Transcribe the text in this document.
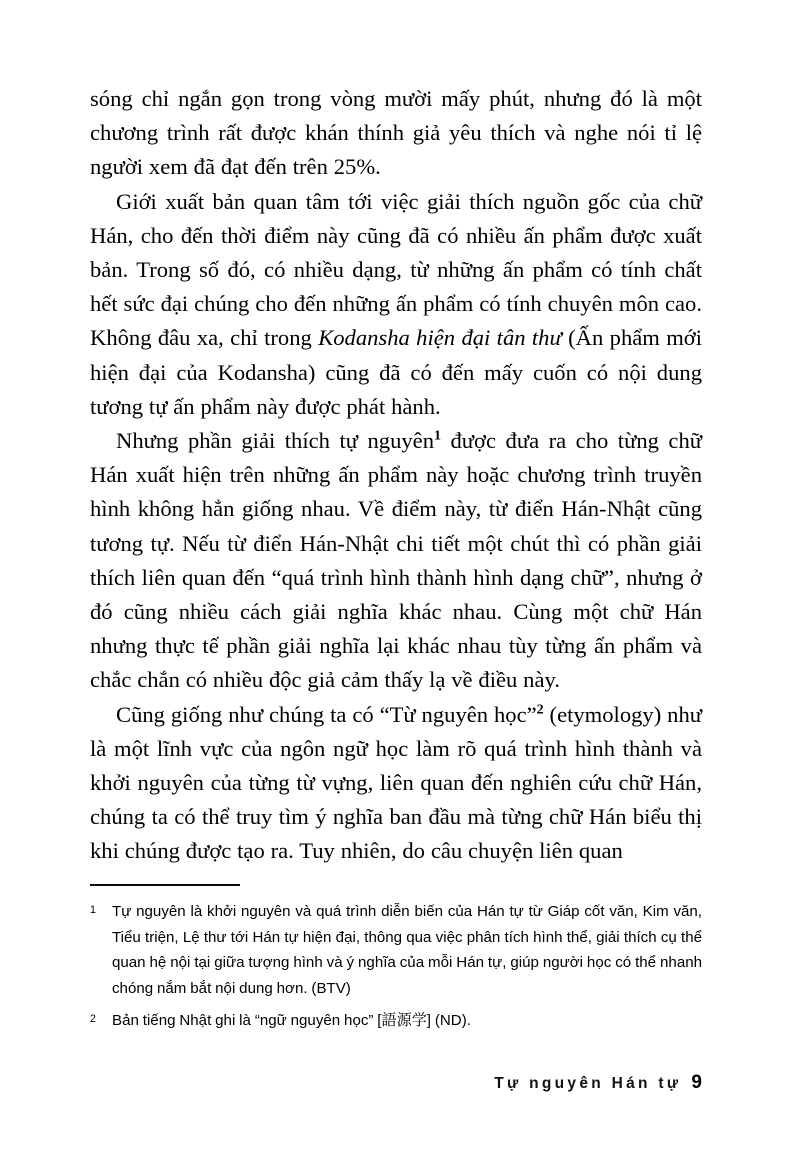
sóng chỉ ngắn gọn trong vòng mười mấy phút, nhưng đó là một chương trình rất được khán thính giả yêu thích và nghe nói tỉ lệ người xem đã đạt đến trên 25%.

Giới xuất bản quan tâm tới việc giải thích nguồn gốc của chữ Hán, cho đến thời điểm này cũng đã có nhiều ấn phẩm được xuất bản. Trong số đó, có nhiều dạng, từ những ấn phẩm có tính chất hết sức đại chúng cho đến những ấn phẩm có tính chuyên môn cao. Không đâu xa, chỉ trong Kodansha hiện đại tân thư (Ấn phẩm mới hiện đại của Kodansha) cũng đã có đến mấy cuốn có nội dung tương tự ấn phẩm này được phát hành.

Nhưng phần giải thích tự nguyên$^1$ được đưa ra cho từng chữ Hán xuất hiện trên những ấn phẩm này hoặc chương trình truyền hình không hẳn giống nhau. Về điểm này, từ điển Hán-Nhật cũng tương tự. Nếu từ điển Hán-Nhật chi tiết một chút thì có phần giải thích liên quan đến “quá trình hình thành hình dạng chữ”, nhưng ở đó cũng nhiều cách giải nghĩa khác nhau. Cùng một chữ Hán nhưng thực tế phần giải nghĩa lại khác nhau tùy từng ấn phẩm và chắc chắn có nhiều độc giả cảm thấy lạ về điều này.

Cũng giống như chúng ta có “Từ nguyên học”$^2$ (etymology) như là một lĩnh vực của ngôn ngữ học làm rõ quá trình hình thành và khởi nguyên của từng từ vựng, liên quan đến nghiên cứu chữ Hán, chúng ta có thể truy tìm ý nghĩa ban đầu mà từng chữ Hán biểu thị khi chúng được tạo ra. Tuy nhiên, do câu chuyện liên quan

1 Tự nguyên là khởi nguyên và quá trình diễn biến của Hán tự từ Giáp cốt văn, Kim văn, Tiểu triện, Lệ thư tới Hán tự hiện đại, thông qua việc phân tích hình thể, giải thích cụ thể quan hệ nội tại giữa tượng hình và ý nghĩa của mỗi Hán tự, giúp người học có thể nhanh chóng nắm bắt nội dung hơn. (BTV)
2 Bản tiếng Nhật ghi là “ngữ nguyên học” [語源学] (ND).
Tự nguyên Hán tự 9
